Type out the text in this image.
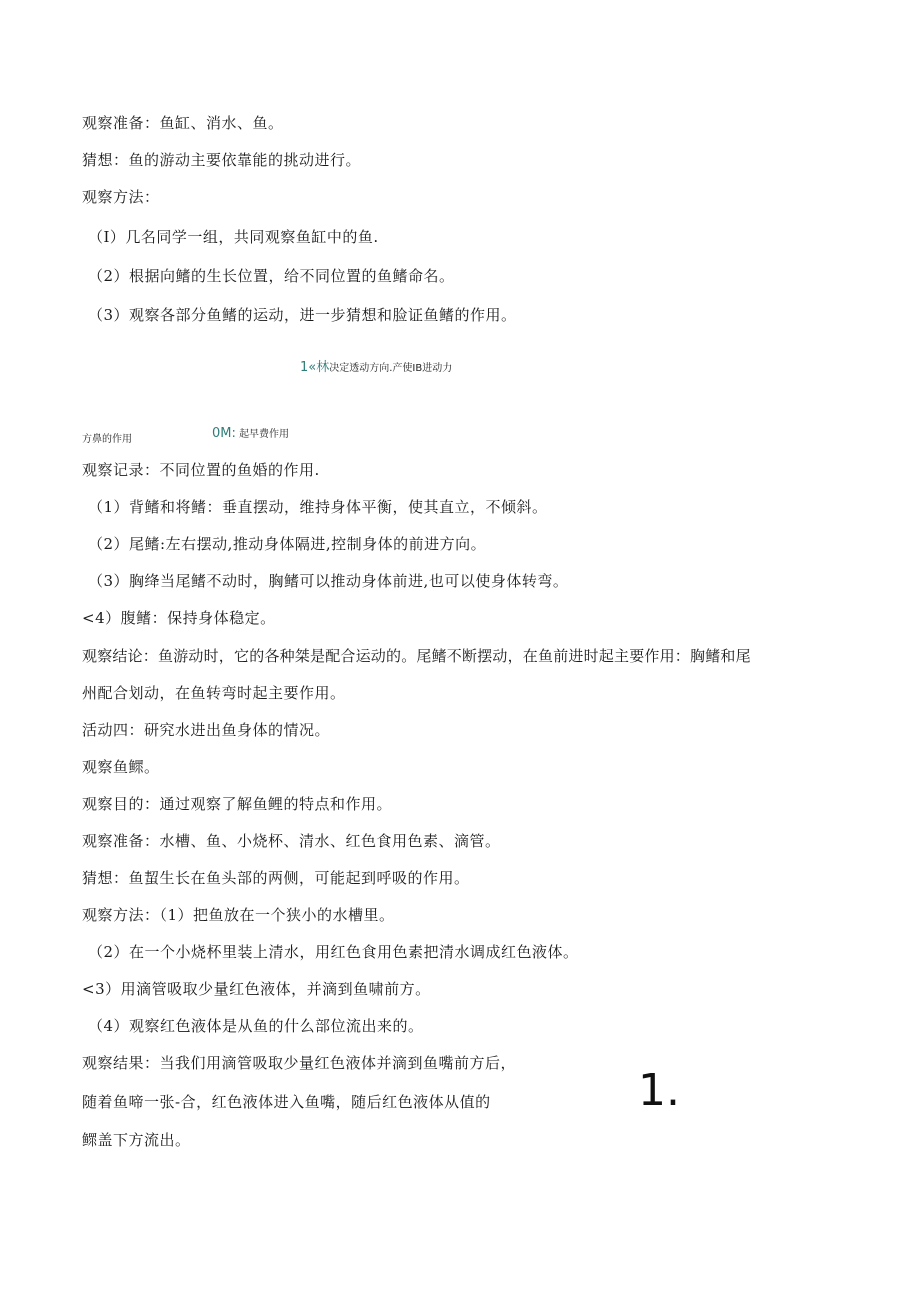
观察准备：鱼缸、消水、鱼。
猜想：鱼的游动主要依靠能的挑动进行。
观察方法：
（I）几名同学一组，共同观察鱼缸中的鱼.
（2）根据向鳍的生长位置，给不同位置的鱼鳍命名。
（3）观察各部分鱼鳍的运动，进一步猜想和脸证鱼鳍的作用。
1«林决定透动方向.产使IB进动力
方鼻的作用	0M: 起早费作用
观察记录：不同位置的鱼婚的作用.
（1）背鳍和将鳍：垂直摆动，维持身体平衡，使其直立，不倾斜。
（2）尾鳍:左右摆动,推动身体隔进,控制身体的前进方向。
（3）胸绛当尾鳍不动时，胸鳍可以推动身体前进,也可以使身体转弯。
<4）腹鳍：保持身体稳定。
观察结论：鱼游动时，它的各种桀是配合运动的。尾鳍不断摆动，在鱼前进时起主要作用：胸鳍和尾
州配合划动，在鱼转弯时起主要作用。
活动四：研究水进出鱼身体的情况。
观察鱼鳏。
观察目的：通过观察了解鱼鲤的特点和作用。
观察准备：水槽、鱼、小烧杯、清水、红色食用色素、滴管。
猜想：鱼蛪生长在鱼头部的两侧，可能起到呼吸的作用。
观察方法：（1）把鱼放在一个狭小的水槽里。
（2）在一个小烧杯里装上清水，用红色食用色素把清水调成红色液体。
<3）用滴管吸取少量红色液体，并滴到鱼啸前方。
（4）观察红色液体是从鱼的什么部位流出来的。
观察结果：当我们用滴管吸取少量红色液体并滴到鱼嘴前方后，
随着鱼啼一张-合，红色液体进入鱼嘴，随后红色液体从值的
鳏盖下方流出。
1.
